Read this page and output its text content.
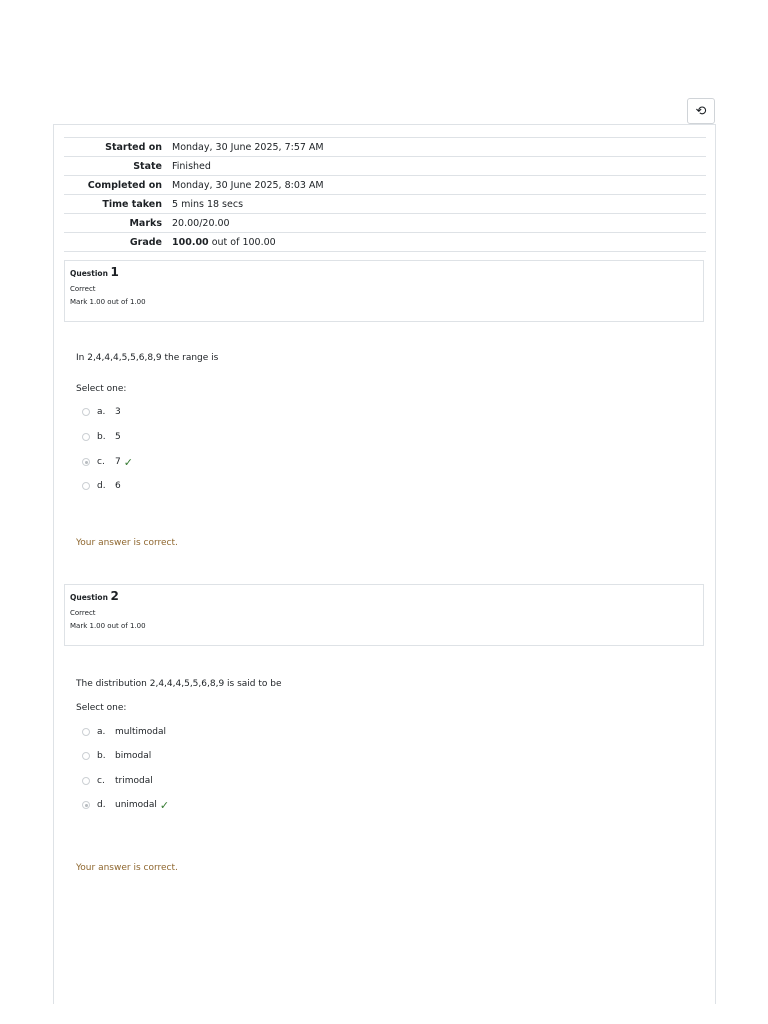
⟲
Started on	Monday, 30 June 2025, 7:57 AM
State	Finished
Completed on	Monday, 30 June 2025, 8:03 AM
Time taken	5 mins 18 secs
Marks	20.00/20.00
Grade	100.00 out of 100.00
Question 1
Correct
Mark 1.00 out of 1.00
In 2,4,4,4,5,5,6,8,9 the range is
Select one:
a.	3
b.	5
c.	7 ✓
d.	6
Your answer is correct.
Question 2
Correct
Mark 1.00 out of 1.00
The distribution 2,4,4,4,5,5,6,8,9 is said to be
Select one:
a.	multimodal
b.	bimodal
c.	trimodal
d.	unimodal ✓
Your answer is correct.
